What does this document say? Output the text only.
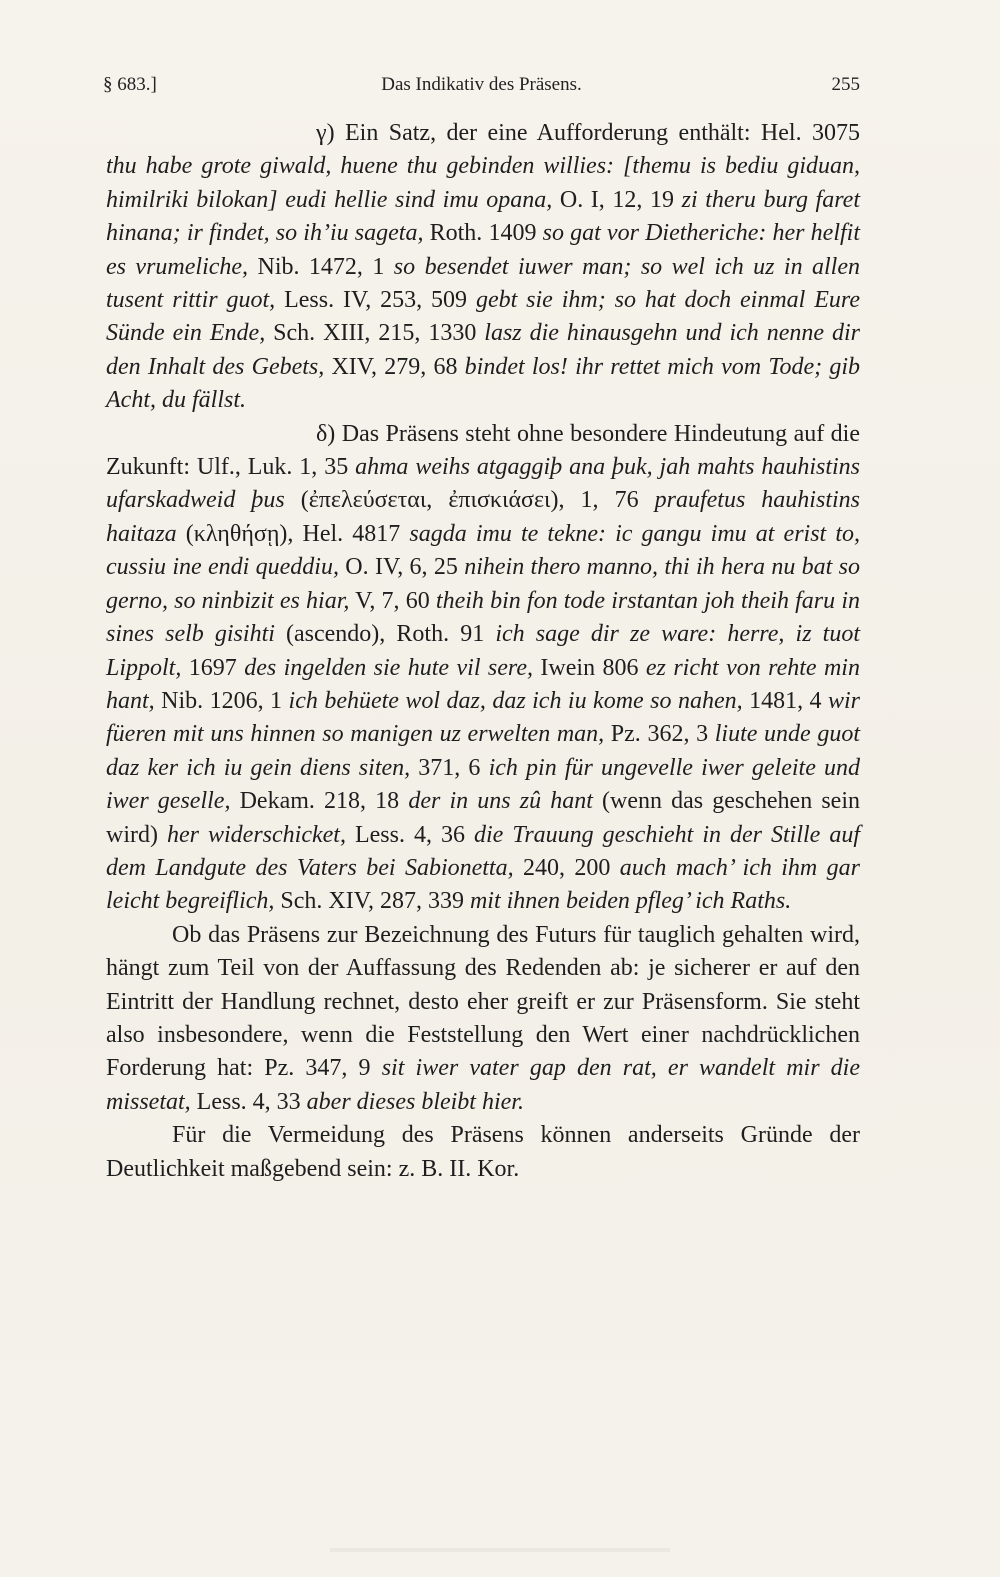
§ 683.]	Das Indikativ des Präsens.	255

γ) Ein Satz, der eine Aufforderung enthält: Hel. 3075 thu habe grote giwald, huene thu gebinden willies: [themu is bediu giduan, himilriki bilokan] eudi hellie sind imu opana, O. I, 12, 19 zi theru burg faret hinana; ir findet, so ih’iu sageta, Roth. 1409 so gat vor Dietheriche: her helfit es vrumeliche, Nib. 1472, 1 so besendet iuwer man; so wel ich uz in allen tusent rittir guot, Less. IV, 253, 509 gebt sie ihm; so hat doch einmal Eure Sünde ein Ende, Sch. XIII, 215, 1330 lasz die hinausgehn und ich nenne dir den Inhalt des Gebets, XIV, 279, 68 bindet los! ihr rettet mich vom Tode; gib Acht, du fällst.

δ) Das Präsens steht ohne besondere Hindeutung auf die Zukunft: Ulf., Luk. 1, 35 ahma weihs atgaggiþ ana þuk, jah mahts hauhistins ufarskadweid þus (ἐπελεύσεται, ἐπισκιάσει), 1, 76 praufetus hauhistins haitaza (κληθήσῃ), Hel. 4817 sagda imu te tekne: ic gangu imu at erist to, cussiu ine endi queddiu, O. IV, 6, 25 nihein thero manno, thi ih hera nu bat so gerno, so ninbizit es hiar, V, 7, 60 theih bin fon tode irstantan joh theih faru in sines selb gisihti (ascendo), Roth. 91 ich sage dir ze ware: herre, iz tuot Lippolt, 1697 des ingelden sie hute vil sere, Iwein 806 ez richt von rehte min hant, Nib. 1206, 1 ich behüete wol daz, daz ich iu kome so nahen, 1481, 4 wir füeren mit uns hinnen so manigen uz erwelten man, Pz. 362, 3 liute unde guot daz ker ich iu gein diens siten, 371, 6 ich pin für ungevelle iwer geleite und iwer geselle, Dekam. 218, 18 der in uns zû hant (wenn das geschehen sein wird) her widerschicket, Less. 4, 36 die Trauung geschieht in der Stille auf dem Landgute des Vaters bei Sabionetta, 240, 200 auch mach’ ich ihm gar leicht begreiflich, Sch. XIV, 287, 339 mit ihnen beiden pfleg’ ich Raths.

Ob das Präsens zur Bezeichnung des Futurs für tauglich gehalten wird, hängt zum Teil von der Auffassung des Redenden ab: je sicherer er auf den Eintritt der Handlung rechnet, desto eher greift er zur Präsensform. Sie steht also insbesondere, wenn die Feststellung den Wert einer nachdrücklichen Forderung hat: Pz. 347, 9 sit iwer vater gap den rat, er wandelt mir die missetat, Less. 4, 33 aber dieses bleibt hier.

Für die Vermeidung des Präsens können anderseits Gründe der Deutlichkeit maßgebend sein: z. B. II. Kor.
